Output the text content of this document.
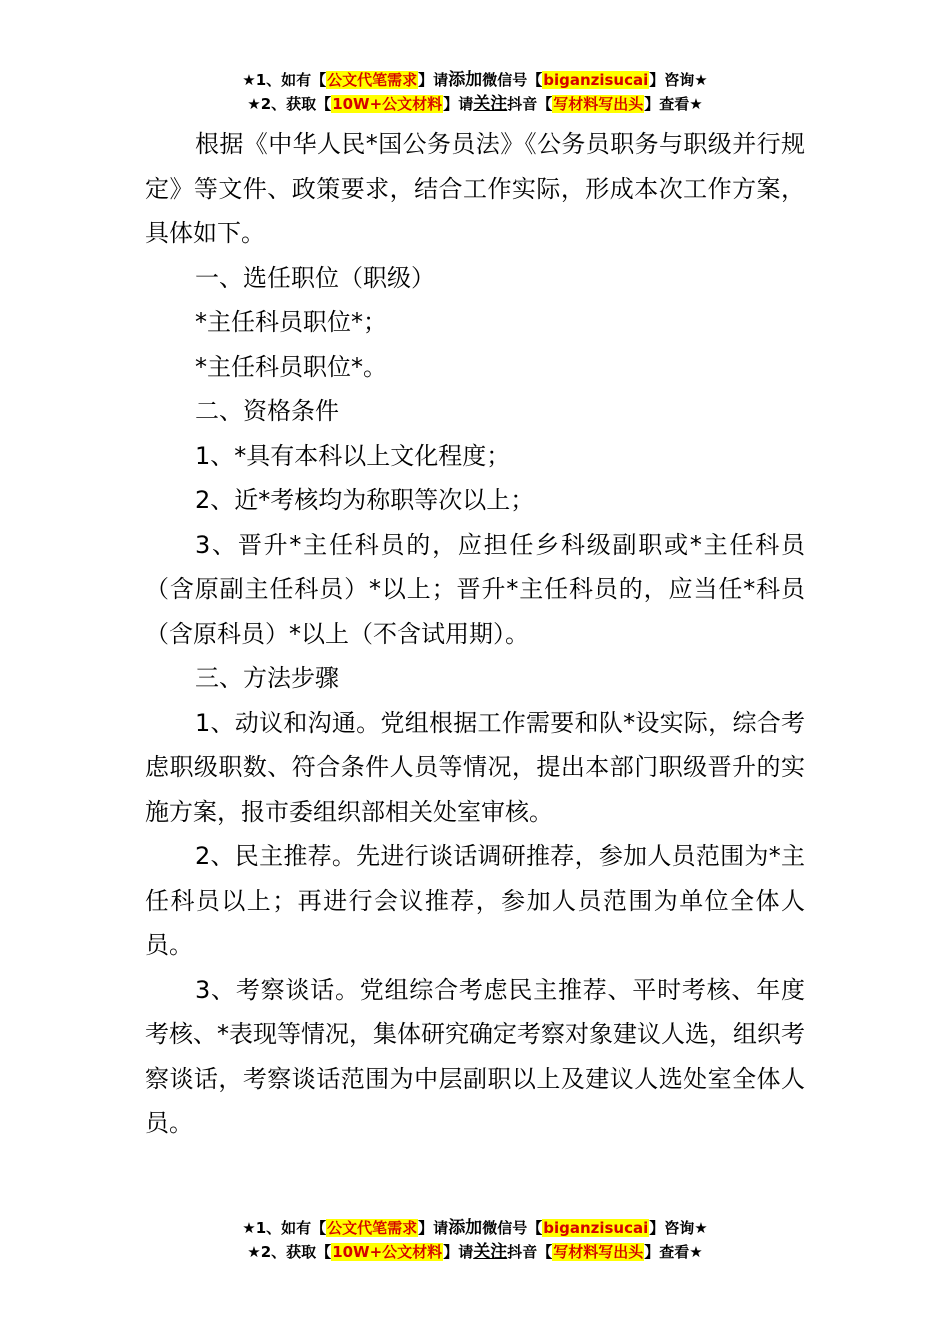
★1、如有【公文代笔需求】请添加微信号【biganzisucai】咨询★
★2、获取【10W+公文材料】请关注抖音【写材料写出头】查看★

根据《中华人民*国公务员法》《公务员职务与职级并行规定》等文件、政策要求，结合工作实际，形成本次工作方案，具体如下。

一、选任职位（职级）

*主任科员职位*；

*主任科员职位*。

二、资格条件

1、*具有本科以上文化程度；

2、近*考核均为称职等次以上；

3、晋升*主任科员的，应担任乡科级副职或*主任科员（含原副主任科员）*以上；晋升*主任科员的，应当任*科员（含原科员）*以上（不含试用期）。

三、方法步骤

1、动议和沟通。党组根据工作需要和队*设实际，综合考虑职级职数、符合条件人员等情况，提出本部门职级晋升的实施方案，报市委组织部相关处室审核。

2、民主推荐。先进行谈话调研推荐，参加人员范围为*主任科员以上；再进行会议推荐，参加人员范围为单位全体人员。

3、考察谈话。党组综合考虑民主推荐、平时考核、年度考核、*表现等情况，集体研究确定考察对象建议人选，组织考察谈话，考察谈话范围为中层副职以上及建议人选处室全体人员。

★1、如有【公文代笔需求】请添加微信号【biganzisucai】咨询★
★2、获取【10W+公文材料】请关注抖音【写材料写出头】查看★
